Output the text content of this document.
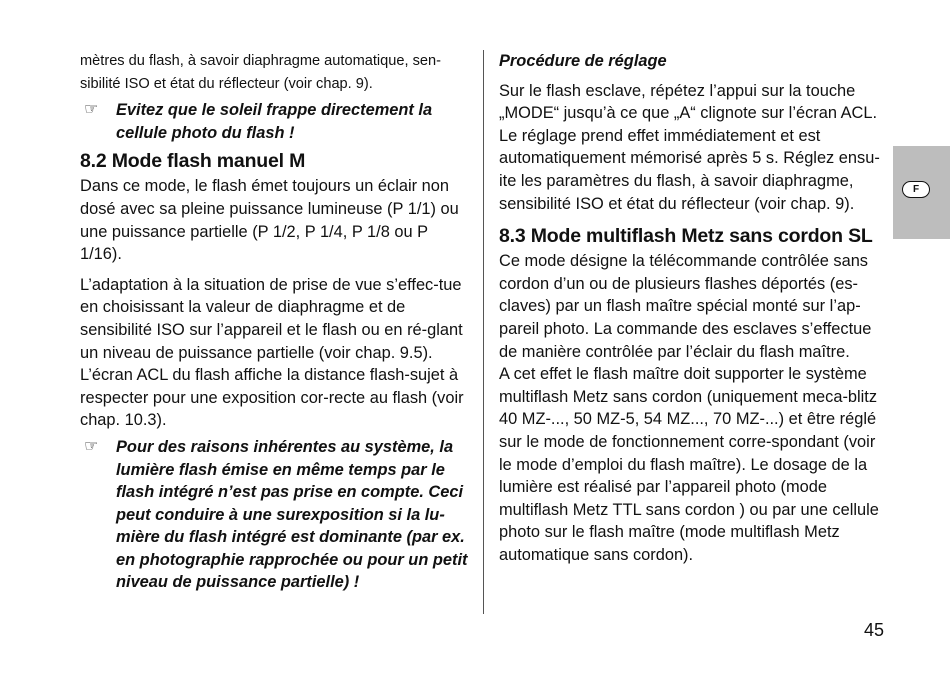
mètres du flash, à savoir diaphragme automatique, sen-sibilité ISO et état du réflecteur (voir chap. 9).

☞	Evitez que le soleil frappe directement la cellule photo du flash !
8.2 Mode flash manuel M

Dans ce mode, le flash émet toujours un éclair non dosé avec sa pleine puissance lumineuse (P 1/1) ou une puissance partielle (P 1/2, P 1/4, P 1/8 ou P 1/16).

L’adaptation à la situation de prise de vue s’effec-tue en choisissant la valeur de diaphragme et de sensibilité ISO sur l’appareil et le flash ou en ré-glant un niveau de puissance partielle (voir chap. 9.5). L’écran ACL du flash affiche la distance flash-sujet à respecter pour une exposition cor-recte au flash (voir chap. 10.3).

☞	Pour des raisons inhérentes au système, la lumière flash émise en même temps par le flash intégré n’est pas prise en compte. Ceci peut conduire à une surexposition si la lu-mière du flash intégré est dominante (par ex. en photographie rapprochée ou pour un petit niveau de puissance partielle) !
Procédure de réglage

Sur le flash esclave, répétez l’appui sur la touche „MODE“ jusqu’à ce que „A“ clignote sur l’écran ACL. Le réglage prend effet immédiatement et est automatiquement mémorisé après 5 s. Réglez ensu-ite les paramètres du flash, à savoir diaphragme, sensibilité ISO et état du réflecteur (voir chap. 9).

8.3 Mode multiflash Metz sans cordon SL

Ce mode désigne la télécommande contrôlée sans cordon d’un ou de plusieurs flashes déportés (es-claves) par un flash maître spécial monté sur l’ap-pareil photo. La commande des esclaves s’effectue de manière contrôlée par l’éclair du flash maître.

A cet effet le flash maître doit supporter le système multiflash Metz sans cordon (uniquement meca-blitz 40 MZ-..., 50 MZ-5, 54 MZ..., 70 MZ-...) et être réglé sur le mode de fonctionnement corre-spondant (voir le mode d’emploi du flash maître). Le dosage de la lumière est réalisé par l’appareil photo (mode multiflash Metz TTL sans cordon ) ou par une cellule photo sur le flash maître (mode multiflash Metz automatique sans cordon).

F
45
